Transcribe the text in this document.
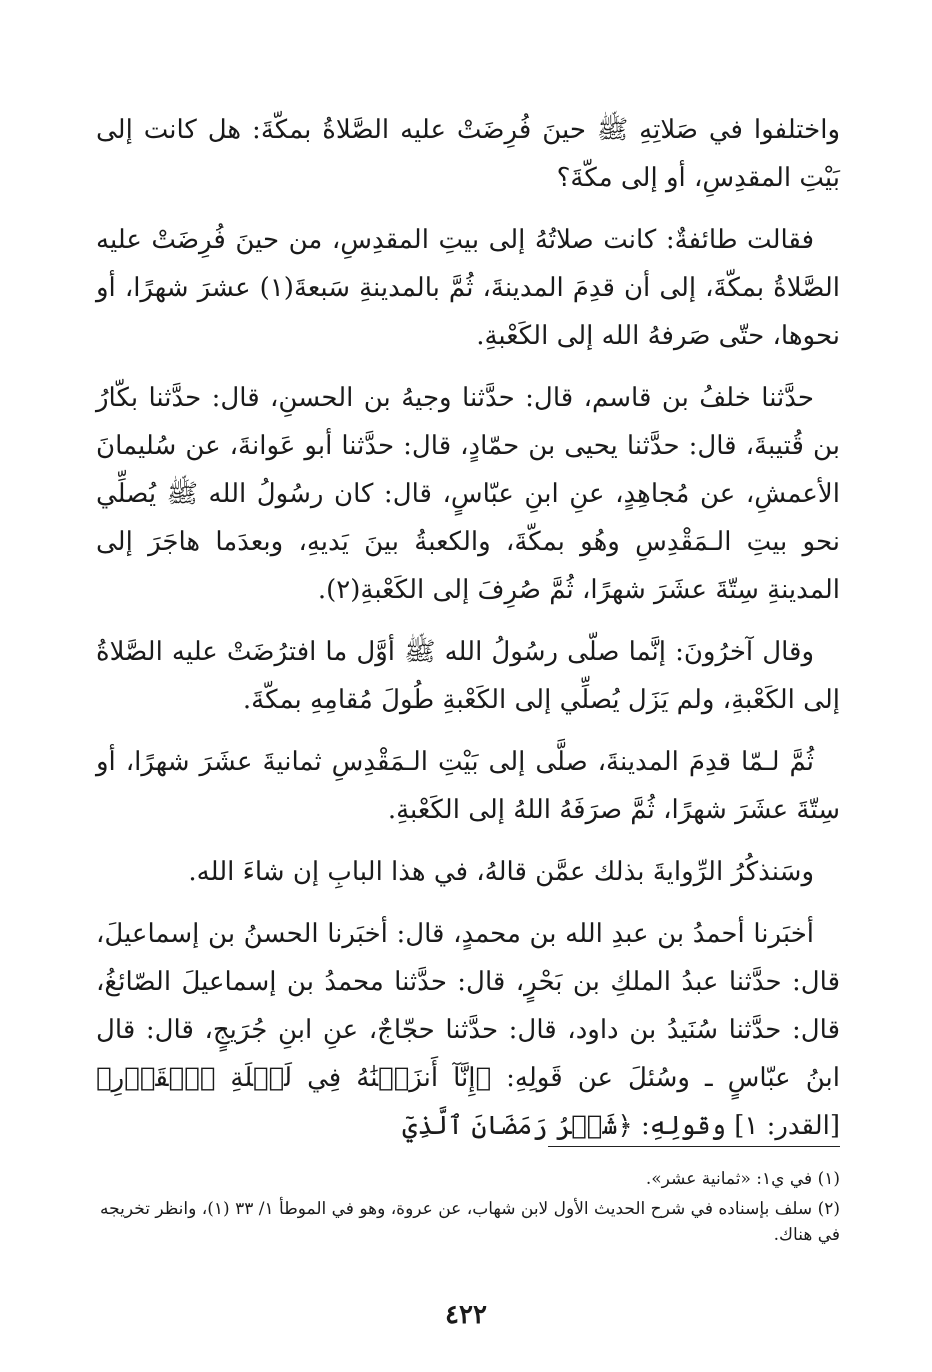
واختلفوا في صَلاتِهِ ﷺ حينَ فُرِضَتْ عليه الصَّلاةُ بمكّةَ: هل كانت إلى بَيْتِ المقدِسِ، أو إلى مكّةَ؟

فقالت طائفةٌ: كانت صلاتُهُ إلى بيتِ المقدِسِ، من حينَ فُرِضَتْ عليه الصَّلاةُ بمكّةَ، إلى أن قدِمَ المدينةَ، ثُمَّ بالمدينةِ سَبعةَ(١) عشرَ شهرًا، أو نحوها، حتّى صَرفهُ الله إلى الكَعْبةِ.

حدَّثنا خلفُ بن قاسم، قال: حدَّثنا وجيهُ بن الحسنِ، قال: حدَّثنا بكّارُ بن قُتيبةَ، قال: حدَّثنا يحيى بن حمّادٍ، قال: حدَّثنا أبو عَوانةَ، عن سُليمانَ الأعمشِ، عن مُجاهِدٍ، عنِ ابنِ عبّاسٍ، قال: كان رسُولُ الله ﷺ يُصلِّي نحو بيتِ الـمَقْدِسِ وهُو بمكّةَ، والكعبةُ بينَ يَديهِ، وبعدَما هاجَرَ إلى المدينةِ سِتّةَ عشَرَ شهرًا، ثُمَّ صُرِفَ إلى الكَعْبةِ(٢).

وقال آخرُونَ: إنَّما صلّى رسُولُ الله ﷺ أوَّل ما افترُضَتْ عليه الصَّلاةُ إلى الكَعْبةِ، ولم يَزَل يُصلِّي إلى الكَعْبةِ طُولَ مُقامِهِ بمكّةَ.

ثُمَّ لـمّا قدِمَ المدينةَ، صلَّى إلى بَيْتِ الـمَقْدِسِ ثمانيةَ عشَرَ شهرًا، أو سِتّةَ عشَرَ شهرًا، ثُمَّ صرَفَهُ اللهُ إلى الكَعْبةِ.

وسَنذكُرُ الرِّوايةَ بذلك عمَّن قالهُ، في هذا البابِ إن شاءَ الله.

أخبَرنا أحمدُ بن عبدِ الله بن محمدٍ، قال: أخبَرنا الحسنُ بن إسماعيلَ، قال: حدَّثنا عبدُ الملكِ بن بَحْرٍ، قال: حدَّثنا محمدُ بن إسماعيلَ الصّائغُ، قال: حدَّثنا سُنَيدُ بن داود، قال: حدَّثنا حجّاجٌ، عنِ ابنِ جُرَيجٍ، قال: قال ابنُ عبّاسٍ ـ وسُئلَ عن قَولِهِ: ﴿إِنَّآ أَنزَلۡنَٰهُ فِي لَيۡلَةِ ٱلۡقَدۡرِ﴾ [القدر: ١] وقولِهِ: ﴿شَهۡرُ رَمَضَانَ ٱلَّذِيٓ

(١) في ي١: «ثمانية عشر».

(٢) سلف بإسناده في شرح الحديث الأول لابن شهاب، عن عروة، وهو في الموطأ ١/ ٣٣ (١)، وانظر تخريجه في هناك.

٤٢٢
